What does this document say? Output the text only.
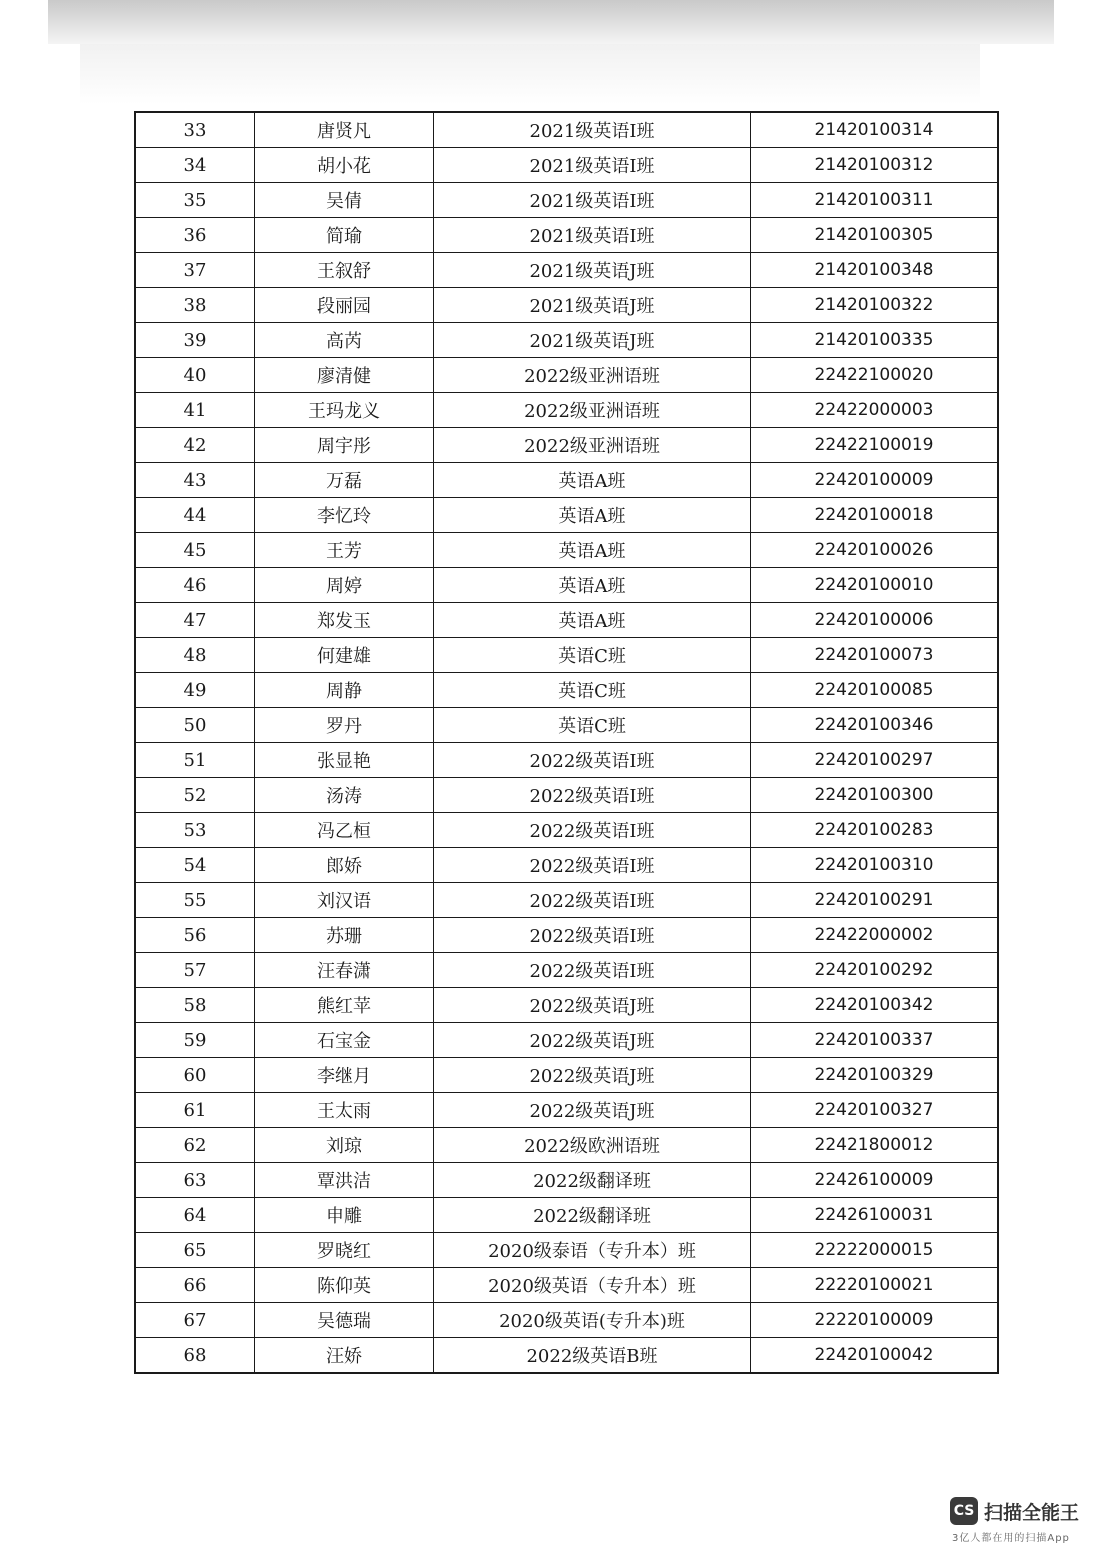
33	唐贤凡	2021级英语I班	21420100314
34	胡小花	2021级英语I班	21420100312
35	吴倩	2021级英语I班	21420100311
36	简瑜	2021级英语I班	21420100305
37	王叙舒	2021级英语J班	21420100348
38	段丽园	2021级英语J班	21420100322
39	高芮	2021级英语J班	21420100335
40	廖清健	2022级亚洲语班	22422100020
41	王玛龙义	2022级亚洲语班	22422000003
42	周宇彤	2022级亚洲语班	22422100019
43	万磊	英语A班	22420100009
44	李忆玲	英语A班	22420100018
45	王芳	英语A班	22420100026
46	周婷	英语A班	22420100010
47	郑发玉	英语A班	22420100006
48	何建雄	英语C班	22420100073
49	周静	英语C班	22420100085
50	罗丹	英语C班	22420100346
51	张显艳	2022级英语I班	22420100297
52	汤涛	2022级英语I班	22420100300
53	冯乙桓	2022级英语I班	22420100283
54	郎娇	2022级英语I班	22420100310
55	刘汉语	2022级英语I班	22420100291
56	苏珊	2022级英语I班	22422000002
57	汪春潇	2022级英语I班	22420100292
58	熊红苹	2022级英语J班	22420100342
59	石宝金	2022级英语J班	22420100337
60	李继月	2022级英语J班	22420100329
61	王太雨	2022级英语J班	22420100327
62	刘琼	2022级欧洲语班	22421800012
63	覃洪洁	2022级翻译班	22426100009
64	申雕	2022级翻译班	22426100031
65	罗晓红	2020级泰语（专升本）班	22222000015
66	陈仰英	2020级英语（专升本）班	22220100021
67	吴德瑞	2020级英语(专升本)班	22220100009
68	汪娇	2022级英语B班	22420100042
CS 扫描全能王
3亿人都在用的扫描App
